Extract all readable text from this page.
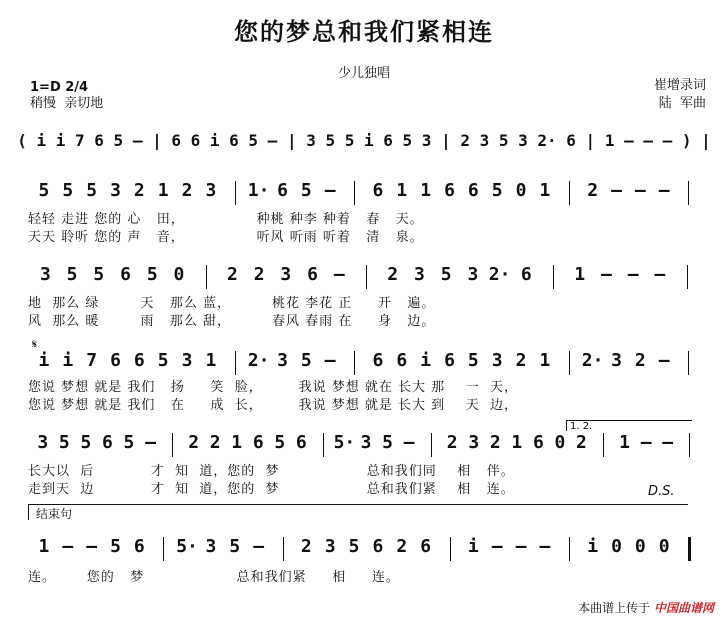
您的梦总和我们紧相连
少儿独唱
1=D 2/4
稍慢  亲切地
崔增录词
陆  军曲
( i i 7 6 5 – | 6 6 i 6 5 – | 3 5 5 i 6 5 3 | 2 3 5 3 2· 6 | 1 – – – ) |
5 5 5 3 2 1 2 3 1· 6 5 – 6 1 1 6 6 5 0 1 2 – – –
3 5 5 6 5 0 2 2 3 6 – 2 3 5 3 2· 6 1 – – –
i i 7 6 6 5 3 1 2· 3 5 – 6 6 i 6 5 3 2 1 2· 3 2 –
3 5 5 6 5 – 2 2 1 6 5 6 5· 3 5 – 2 3 2 1 6 0 2 1 – –
1 – – 5 6 5· 3 5 – 2 3 5 6 2 6 i – – – i 0 0 0
轻轻 走进 您的 心   田，              种桃 种李 种着   春   天。
天天 聆听 您的 声   音，              听风 听雨 听着   清   泉。
地  那么 绿        天   那么 蓝，        桃花 李花 正     开   遍。
风  那么 暖        雨   那么 甜，        春风 春雨 在     身   边。
您说 梦想 就是 我们   扬     笑  脸，       我说 梦想 就在 长大 那    一  天，
您说 梦想 就是 我们   在     成  长，       我说 梦想 就是 长大 到    天  边，
长大以  后           才  知  道，您的  梦                 总和我们同    相   伴。
走到天  边           才  知  道，您的  梦                 总和我们紧    相   连。
连。      您的   梦                  总和我们紧     相     连。
𝄋
D.S.
1. 2.
结束句
本曲谱上传于 中国曲谱网
